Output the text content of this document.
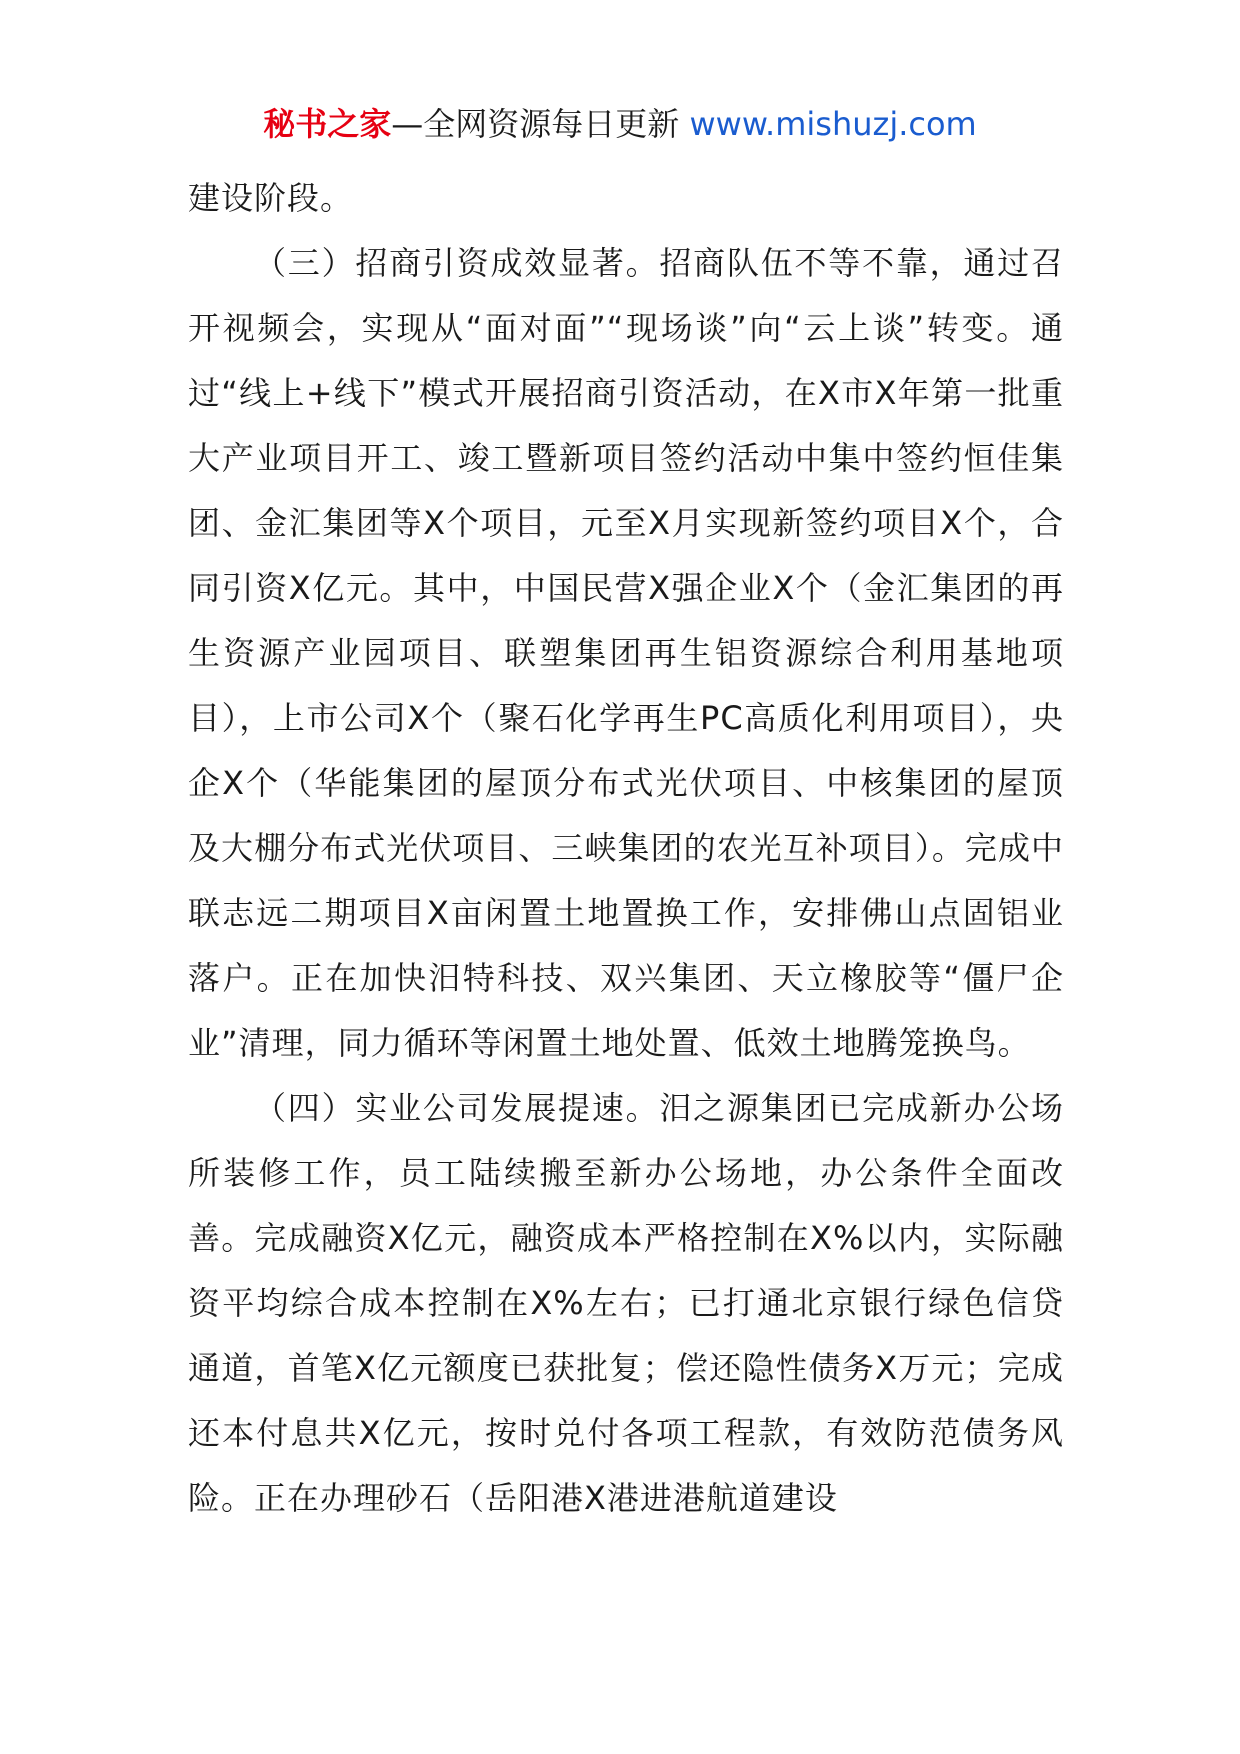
秘书之家—全网资源每日更新 www.mishuzj.com

建设阶段。

（三）招商引资成效显著。招商队伍不等不靠，通过召开视频会，实现从“面对面”“现场谈”向“云上谈”转变。通过“线上+线下”模式开展招商引资活动，在X市X年第一批重大产业项目开工、竣工暨新项目签约活动中集中签约恒佳集团、金汇集团等X个项目，元至X月实现新签约项目X个，合同引资X亿元。其中，中国民营X强企业X个（金汇集团的再生资源产业园项目、联塑集团再生铝资源综合利用基地项目），上市公司X个（聚石化学再生PC高质化利用项目），央企X个（华能集团的屋顶分布式光伏项目、中核集团的屋顶及大棚分布式光伏项目、三峡集团的农光互补项目）。完成中联志远二期项目X亩闲置土地置换工作，安排佛山点固铝业落户。正在加快汨特科技、双兴集团、天立橡胶等“僵尸企业”清理，同力循环等闲置土地处置、低效土地腾笼换鸟。

（四）实业公司发展提速。汨之源集团已完成新办公场所装修工作，员工陆续搬至新办公场地，办公条件全面改善。完成融资X亿元，融资成本严格控制在X%以内，实际融资平均综合成本控制在X%左右；已打通北京银行绿色信贷通道，首笔X亿元额度已获批复；偿还隐性债务X万元；完成还本付息共X亿元，按时兑付各项工程款，有效防范债务风险。正在办理砂石（岳阳港X港进港航道建设
